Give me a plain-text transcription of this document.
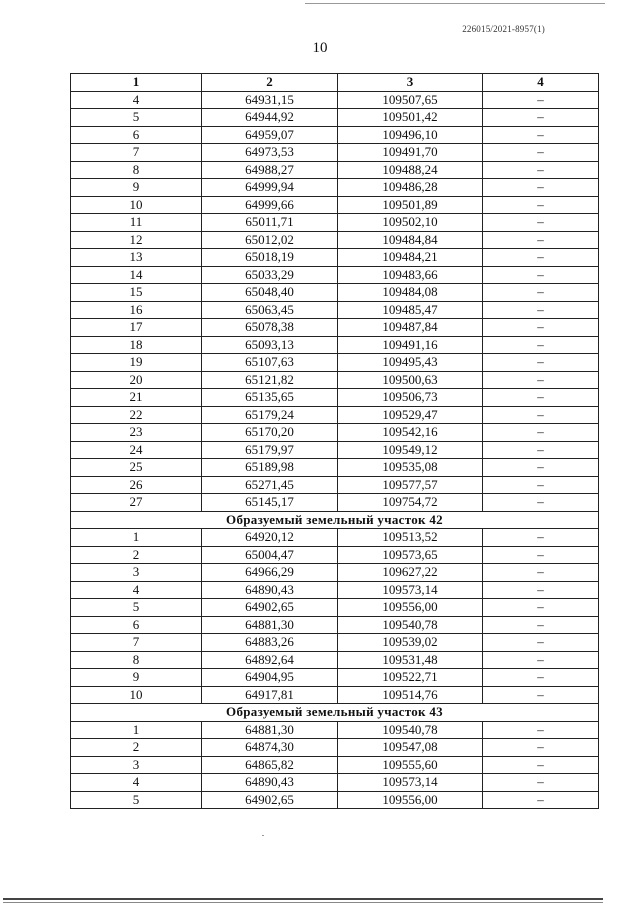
226015/2021-8957(1)
10
1	2	3	4
4	64931,15	109507,65	–
5	64944,92	109501,42	–
6	64959,07	109496,10	–
7	64973,53	109491,70	–
8	64988,27	109488,24	–
9	64999,94	109486,28	–
10	64999,66	109501,89	–
11	65011,71	109502,10	–
12	65012,02	109484,84	–
13	65018,19	109484,21	–
14	65033,29	109483,66	–
15	65048,40	109484,08	–
16	65063,45	109485,47	–
17	65078,38	109487,84	–
18	65093,13	109491,16	–
19	65107,63	109495,43	–
20	65121,82	109500,63	–
21	65135,65	109506,73	–
22	65179,24	109529,47	–
23	65170,20	109542,16	–
24	65179,97	109549,12	–
25	65189,98	109535,08	–
26	65271,45	109577,57	–
27	65145,17	109754,72	–
Образуемый земельный участок 42			
1	64920,12	109513,52	–
2	65004,47	109573,65	–
3	64966,29	109627,22	–
4	64890,43	109573,14	–
5	64902,65	109556,00	–
6	64881,30	109540,78	–
7	64883,26	109539,02	–
8	64892,64	109531,48	–
9	64904,95	109522,71	–
10	64917,81	109514,76	–
Образуемый земельный участок 43			
1	64881,30	109540,78	–
2	64874,30	109547,08	–
3	64865,82	109555,60	–
4	64890,43	109573,14	–
5	64902,65	109556,00	–
